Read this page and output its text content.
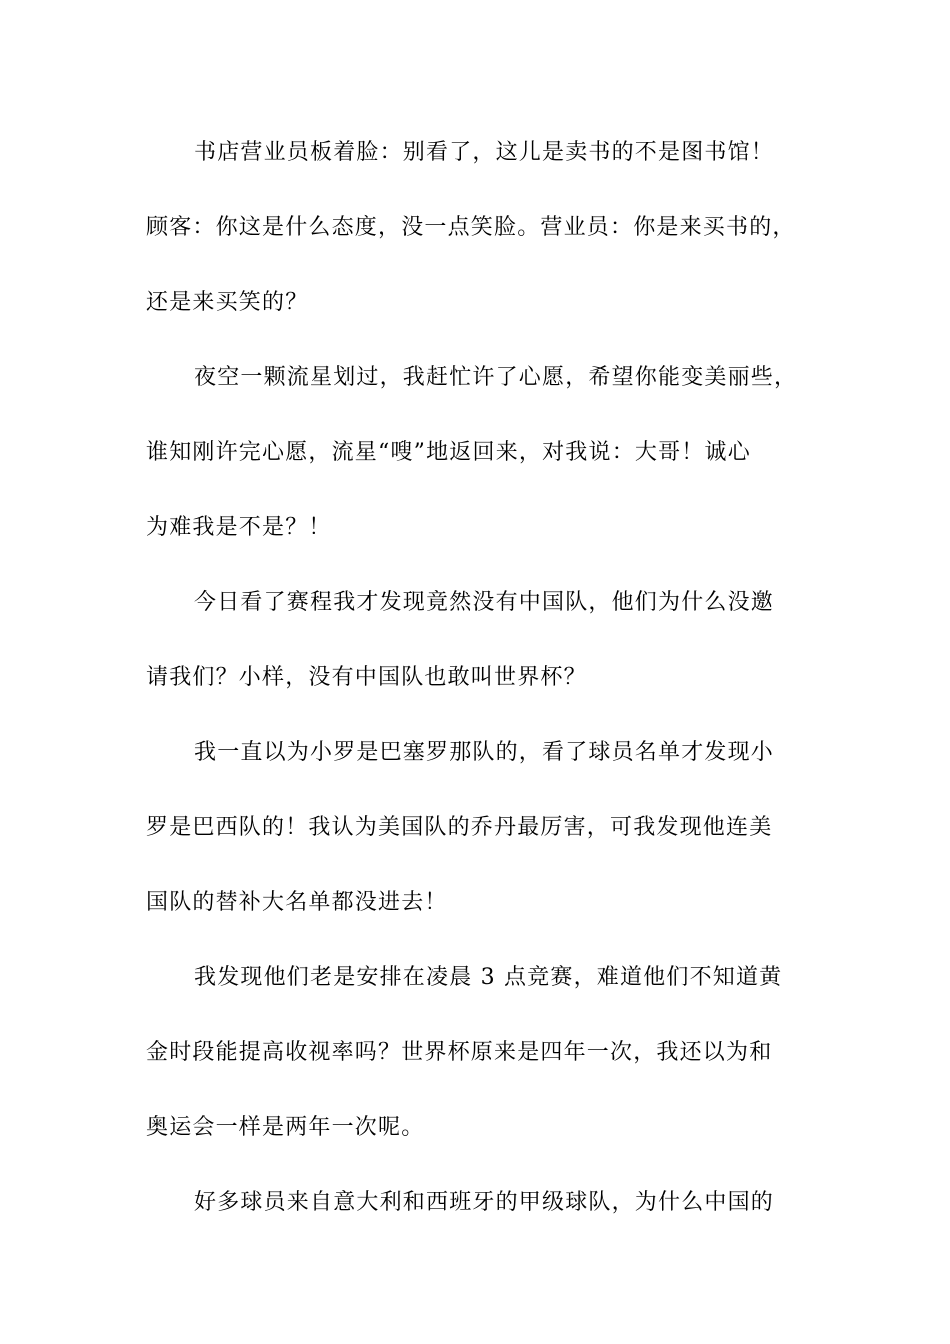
书店营业员板着脸：别看了，这儿是卖书的不是图书馆！
顾客：你这是什么态度，没一点笑脸。营业员：你是来买书的，
还是来买笑的？
夜空一颗流星划过，我赶忙许了心愿，希望你能变美丽些，
谁知刚许完心愿，流星“嗖”地返回来，对我说：大哥！诚心
为难我是不是？！
今日看了赛程我才发现竟然没有中国队，他们为什么没邀
请我们？小样，没有中国队也敢叫世界杯？
我一直以为小罗是巴塞罗那队的，看了球员名单才发现小
罗是巴西队的！我认为美国队的乔丹最厉害，可我发现他连美
国队的替补大名单都没进去！
我发现他们老是安排在凌晨 3 点竞赛，难道他们不知道黄
金时段能提高收视率吗？世界杯原来是四年一次，我还以为和
奥运会一样是两年一次呢。
好多球员来自意大利和西班牙的甲级球队，为什么中国的
